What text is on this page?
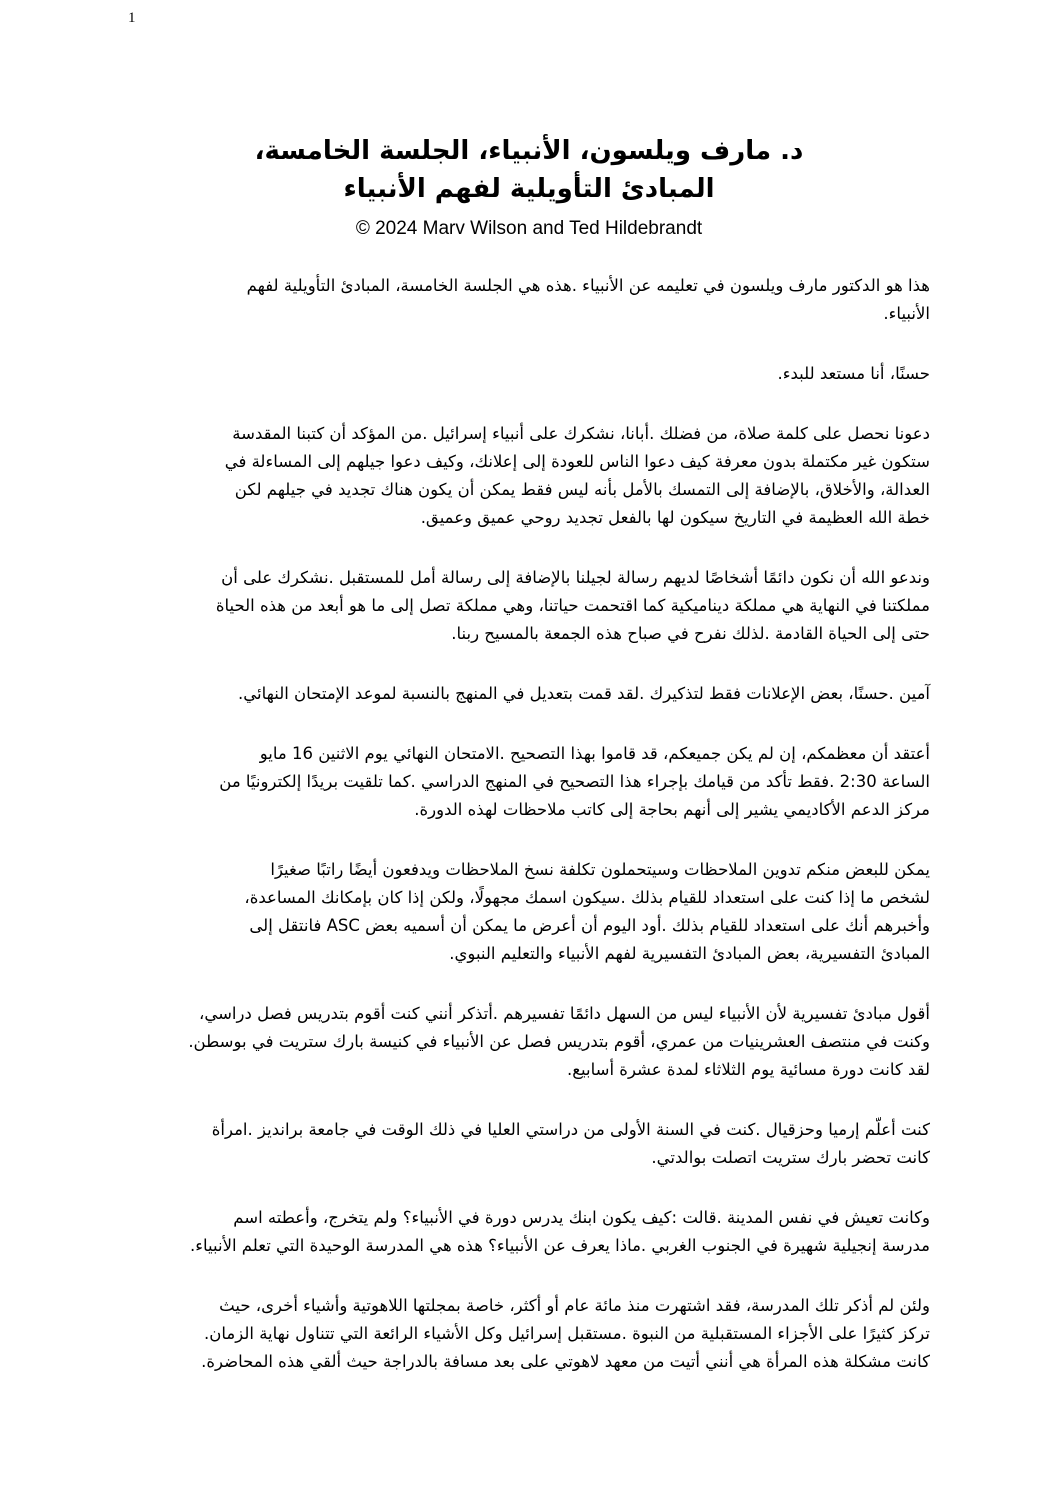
1
د. مارف ويلسون، الأنبياء، الجلسة الخامسة،
المبادئ التأويلية لفهم الأنبياء
© 2024 Marv Wilson and Ted Hildebrandt
هذا هو الدكتور مارف ويلسون في تعليمه عن الأنبياء .هذه هي الجلسة الخامسة، المبادئ التأويلية لفهم
الأنبياء.
حسنًا، أنا مستعد للبدء.
دعونا نحصل على كلمة صلاة، من فضلك .أبانا، نشكرك على أنبياء إسرائيل .من المؤكد أن كتبنا المقدسة
ستكون غير مكتملة بدون معرفة كيف دعوا الناس للعودة إلى إعلانك، وكيف دعوا جيلهم إلى المساءلة في
العدالة، والأخلاق، بالإضافة إلى التمسك بالأمل بأنه ليس فقط يمكن أن يكون هناك تجديد في جيلهم لكن
خطة الله العظيمة في التاريخ سيكون لها بالفعل تجديد روحي عميق وعميق.
وندعو الله أن نكون دائمًا أشخاصًا لديهم رسالة لجيلنا بالإضافة إلى رسالة أمل للمستقبل .نشكرك على أن
مملكتنا في النهاية هي مملكة ديناميكية كما اقتحمت حياتنا، وهي مملكة تصل إلى ما هو أبعد من هذه الحياة
حتى إلى الحياة القادمة .لذلك نفرح في صباح هذه الجمعة بالمسيح ربنا.
آمين .حسنًا، بعض الإعلانات فقط لتذكيرك .لقد قمت بتعديل في المنهج بالنسبة لموعد الإمتحان النهائي.
أعتقد أن معظمكم، إن لم يكن جميعكم، قد قاموا بهذا التصحيح .الامتحان النهائي يوم الاثنين 16 مايو
الساعة 2:30 .فقط تأكد من قيامك بإجراء هذا التصحيح في المنهج الدراسي .كما تلقيت بريدًا إلكترونيًا من
مركز الدعم الأكاديمي يشير إلى أنهم بحاجة إلى كاتب ملاحظات لهذه الدورة.
يمكن للبعض منكم تدوين الملاحظات وسيتحملون تكلفة نسخ الملاحظات ويدفعون أيضًا راتبًا صغيرًا
لشخص ما إذا كنت على استعداد للقيام بذلك .سيكون اسمك مجهولًا، ولكن إذا كان بإمكانك المساعدة،
وأخبرهم أنك على استعداد للقيام بذلك .أود اليوم أن أعرض ما يمكن أن أسميه بعض ASC فانتقل إلى
المبادئ التفسيرية، بعض المبادئ التفسيرية لفهم الأنبياء والتعليم النبوي.
أقول مبادئ تفسيرية لأن الأنبياء ليس من السهل دائمًا تفسيرهم .أتذكر أنني كنت أقوم بتدريس فصل دراسي،
وكنت في منتصف العشرينيات من عمري، أقوم بتدريس فصل عن الأنبياء في كنيسة بارك ستريت في بوسطن.
لقد كانت دورة مسائية يوم الثلاثاء لمدة عشرة أسابيع.
كنت أعلّم إرميا وحزقيال .كنت في السنة الأولى من دراستي العليا في ذلك الوقت في جامعة برانديز .امرأة
كانت تحضر بارك ستريت اتصلت بوالدتي.
وكانت تعيش في نفس المدينة .قالت :كيف يكون ابنك يدرس دورة في الأنبياء؟ ولم يتخرج، وأعطته اسم
مدرسة إنجيلية شهيرة في الجنوب الغربي .ماذا يعرف عن الأنبياء؟ هذه هي المدرسة الوحيدة التي تعلم الأنبياء.
ولئن لم أذكر تلك المدرسة، فقد اشتهرت منذ مائة عام أو أكثر، خاصة بمجلتها اللاهوتية وأشياء أخرى، حيث
تركز كثيرًا على الأجزاء المستقبلية من النبوة .مستقبل إسرائيل وكل الأشياء الرائعة التي تتناول نهاية الزمان.
كانت مشكلة هذه المرأة هي أنني أتيت من معهد لاهوتي على بعد مسافة بالدراجة حيث ألقي هذه المحاضرة.
